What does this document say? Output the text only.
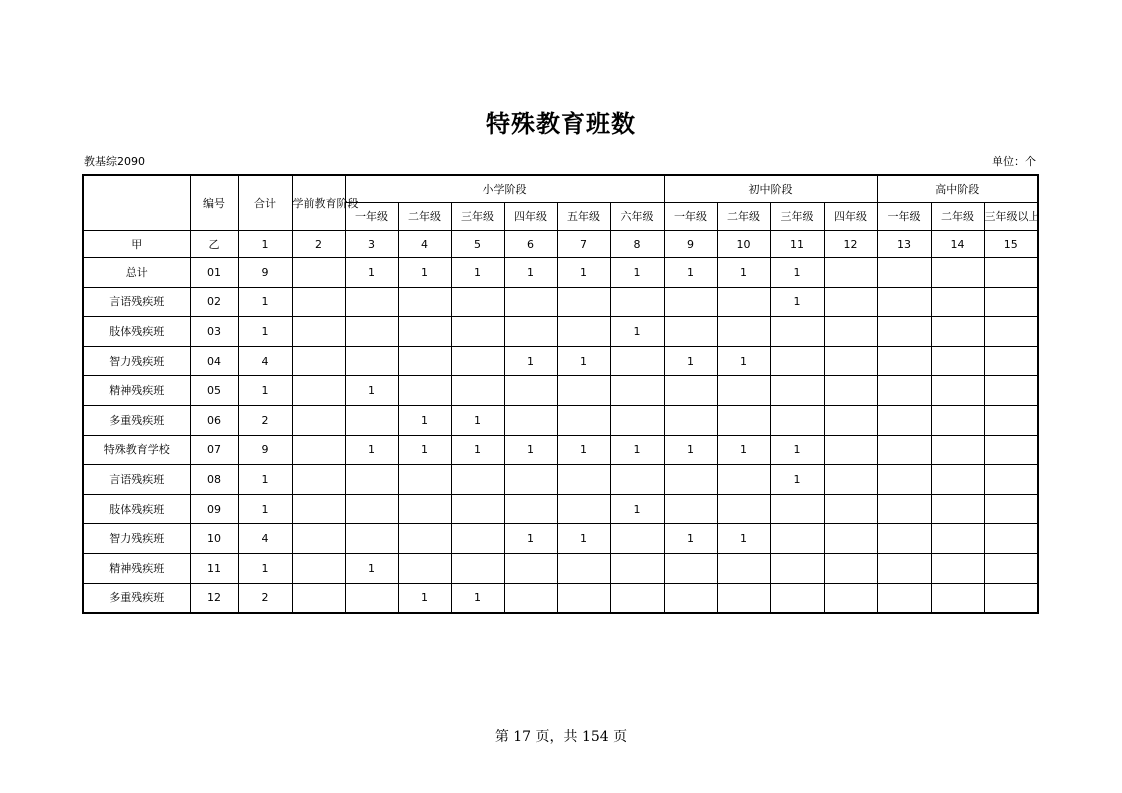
特殊教育班数
教基综2090	单位：个
	编号	合计	学前教育阶段	小学阶段						初中阶段				高中阶段		
				一年级	二年级	三年级	四年级	五年级	六年级	一年级	二年级	三年级	四年级	一年级	二年级	三年级以上
甲	乙	1	2	3	4	5	6	7	8	9	10	11	12	13	14	15
总计	01	9		1	1	1	1	1	1	1	1	1				
言语残疾班	02	1										1				
肢体残疾班	03	1							1							
智力残疾班	04	4					1	1		1	1					
精神残疾班	05	1		1												
多重残疾班	06	2			1	1										
特殊教育学校	07	9		1	1	1	1	1	1	1	1	1				
言语残疾班	08	1										1				
肢体残疾班	09	1							1							
智力残疾班	10	4					1	1		1	1					
精神残疾班	11	1		1												
多重残疾班	12	2			1	1										
第 17 页，共 154 页
